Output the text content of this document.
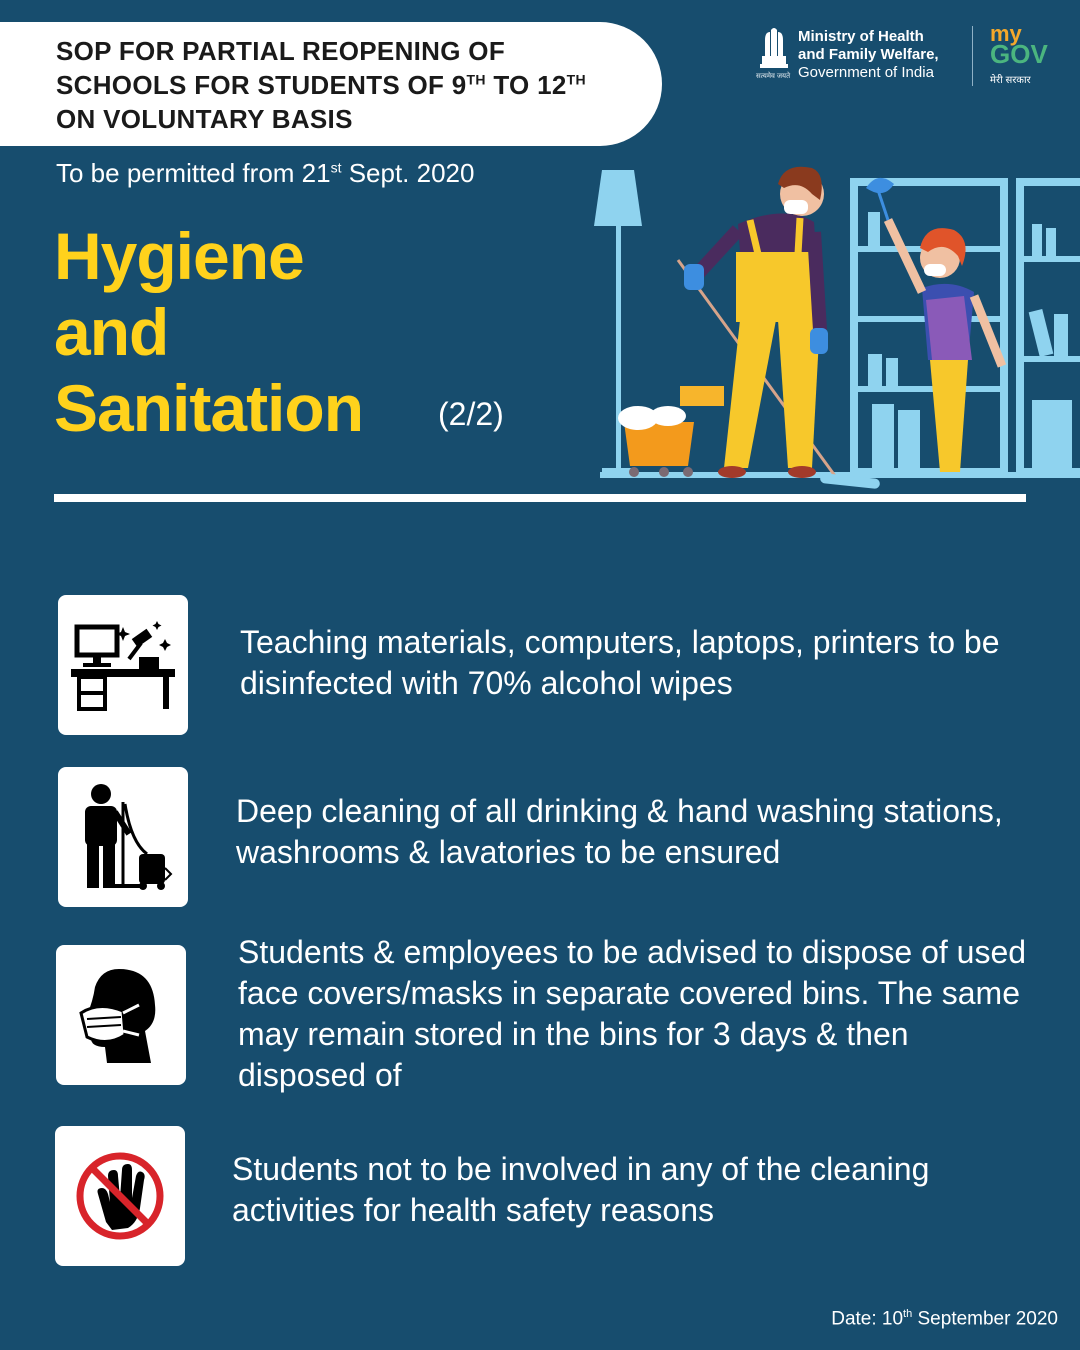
SOP FOR PARTIAL REOPENING OF
SCHOOLS FOR STUDENTS OF 9TH TO 12TH
ON VOLUNTARY BASIS
सत्यमेव जयते
Ministry of Health
and Family Welfare,
Government of India
my
GOV
मेरी सरकार
To be permitted from 21st Sept. 2020
Hygiene
and
Sanitation (2/2)
Teaching materials, computers, laptops, printers to be disinfected with 70% alcohol wipes
Deep cleaning of all drinking & hand washing stations, washrooms & lavatories to be ensured
Students & employees to be advised to dispose of used face covers/masks in separate covered bins. The same may remain stored in the bins for 3 days & then disposed of
Students not to be involved in any of the cleaning activities for health safety reasons
Date: 10th September 2020
